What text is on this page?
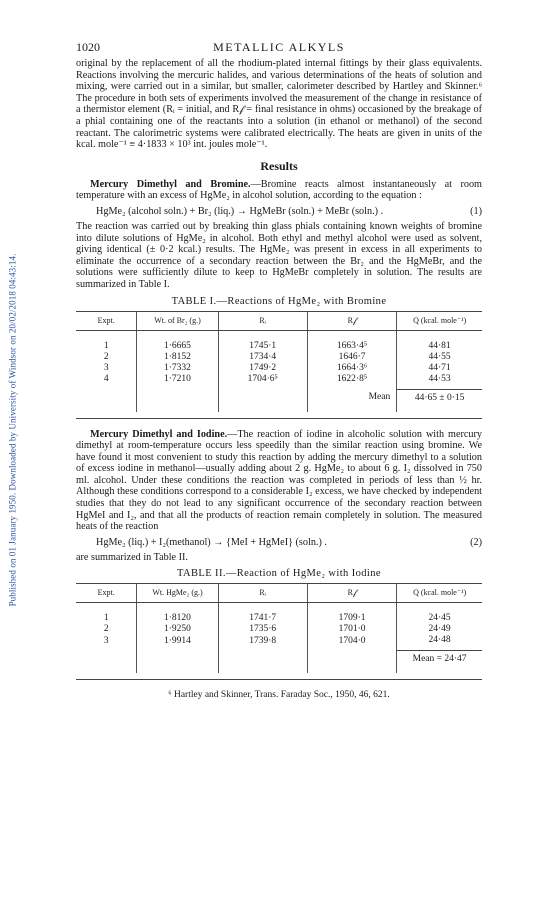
Published on 01 January 1950. Downloaded by University of Windsor on 20/02/2018 04:43:14.
1020	METALLIC ALKYLS

original by the replacement of all the rhodium-plated internal fittings by their glass equivalents. Reactions involving the mercuric halides, and various determinations of the heats of solution and mixing, were carried out in a similar, but smaller, calorimeter described by Hartley and Skinner.⁶ The procedure in both sets of experiments involved the measurement of the change in resistance of a thermistor element (Rᵢ = initial, and R𝒻 = final resistance in ohms) occasioned by the breakage of a phial containing one of the reactants into a solution (in ethanol or methanol) of the second reactant. The calorimetric systems were calibrated electrically. The heats are given in units of the kcal. mole⁻¹ ≡ 4·1833 × 10³ int. joules mole⁻¹.

Results

Mercury Dimethyl and Bromine.—Bromine reacts almost instantaneously at room temperature with an excess of HgMe₂ in alcohol solution, according to the equation :

HgMe₂ (alcohol soln.) + Br₂ (liq.) → HgMeBr (soln.) + MeBr (soln.) .	(1)

The reaction was carried out by breaking thin glass phials containing known weights of bromine into dilute solutions of HgMe₂ in alcohol. Both ethyl and methyl alcohol were used as solvent, giving identical (± 0·2 kcal.) results. The HgMe₂ was present in excess in all experiments to eliminate the occurrence of a secondary reaction between the Br₂ and the HgMeBr, and the solutions were sufficiently dilute to keep to HgMeBr completely in solution. The results are summarized in Table I.

TABLE I.—Reactions of HgMe₂ with Bromine
Expt.	Wt. of Br₂ (g.)	Rᵢ	R𝒻	Q (kcal. mole⁻¹)
1	1·6665	1745·1	1663·4⁵	44·81
2	1·8152	1734·4	1646·7	44·55
3	1·7332	1749·2	1664·3⁶	44·71
4	1·7210	1704·6⁵	1622·8⁵	44·53
			Mean	44·65 ± 0·15

Mercury Dimethyl and Iodine.—The reaction of iodine in alcoholic solution with mercury dimethyl at room-temperature occurs less speedily than the similar reaction using bromine. We have found it most convenient to study this reaction by adding the mercury dimethyl to a solution of excess iodine in methanol—usually adding about 2 g. HgMe₂ to about 6 g. I₂ dissolved in 750 ml. alcohol. Under these conditions the reaction was completed in periods of less than ½ hr. Although these conditions correspond to a considerable I₂ excess, we have checked by independent studies that they do not lead to any significant occurrence of the secondary reaction between HgMeI and I₂, and that all the products of reaction remain completely in solution. The measured heats of the reaction

HgMe₂ (liq.) + I₂(methanol) → {MeI + HgMeI} (soln.) .	(2)

are summarized in Table II.

TABLE II.—Reaction of HgMe₂ with Iodine
Expt.	Wt. HgMe₂ (g.)	Rᵢ	R𝒻	Q (kcal. mole⁻¹)
1	1·8120	1741·7	1709·1	24·45
2	1·9250	1735·6	1701·0	24·49
3	1·9914	1739·8	1704·0	24·48
				Mean = 24·47
⁶ Hartley and Skinner, Trans. Faraday Soc., 1950, 46, 621.
